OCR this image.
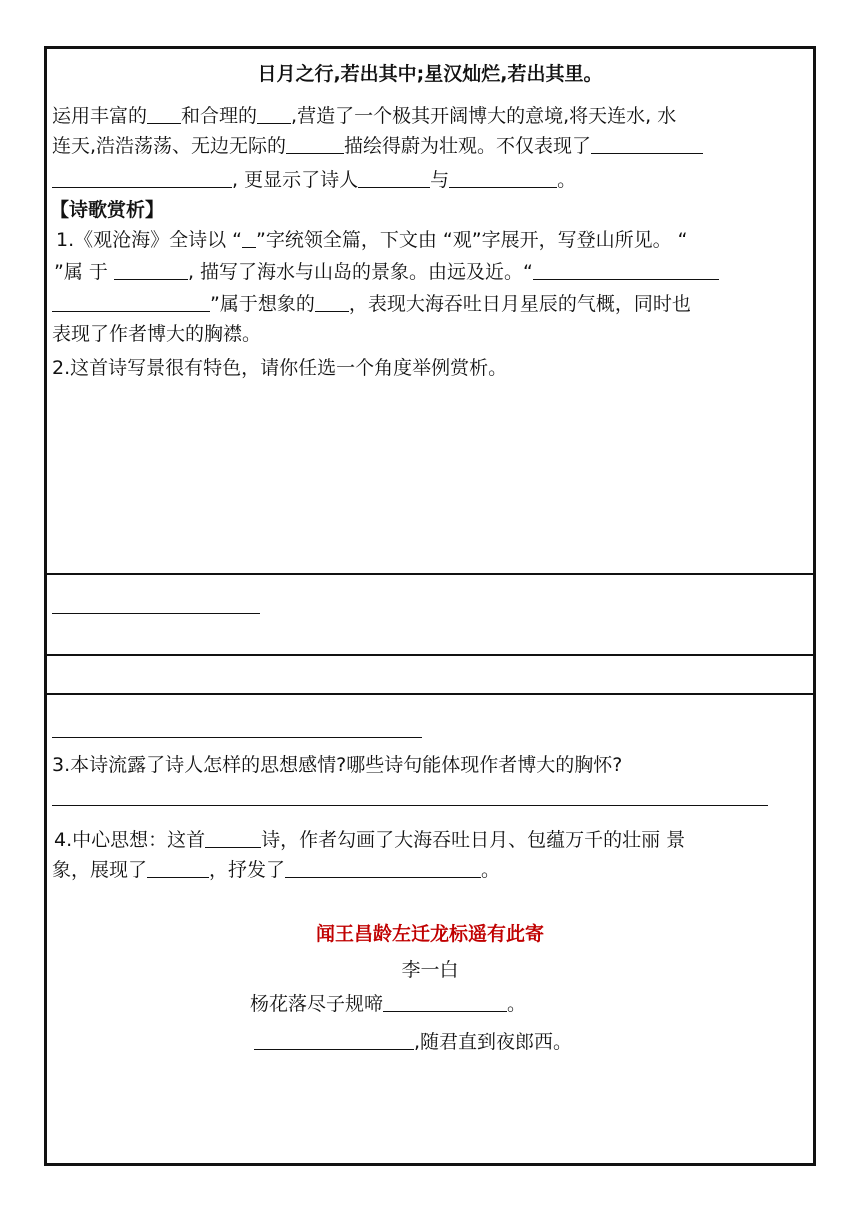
日月之行,若出其中;星汉灿烂,若出其里。
运用丰富的 和合理的 ,营造了一个极其开阔博大的意境,将天连水, 水
连天,浩浩荡荡、无边无际的	描绘得蔚为壮观。不仅表现了
, 更显示了诗人	与	。
【诗歌赏析】
1.《观沧海》全诗以 “ ”字统领全篇，下文由 “观”字展开，写登山所见。 “
”属 于	, 描写了海水与山岛的景象。由远及近。“
”属于想象的 ，表现大海吞吐日月星辰的气概，同时也
表现了作者博大的胸襟。
2.这首诗写景很有特色，请你任选一个角度举例赏析。
3.本诗流露了诗人怎样的思想感情?哪些诗句能体现作者博大的胸怀?
4.中心思想：这首	诗，作者勾画了大海吞吐日月、包蕴万千的壮丽 景
象，展现了	，抒发了	。
闻王昌龄左迁龙标遥有此寄
李一白
杨花落尽子规啼	。
,随君直到夜郎西。
